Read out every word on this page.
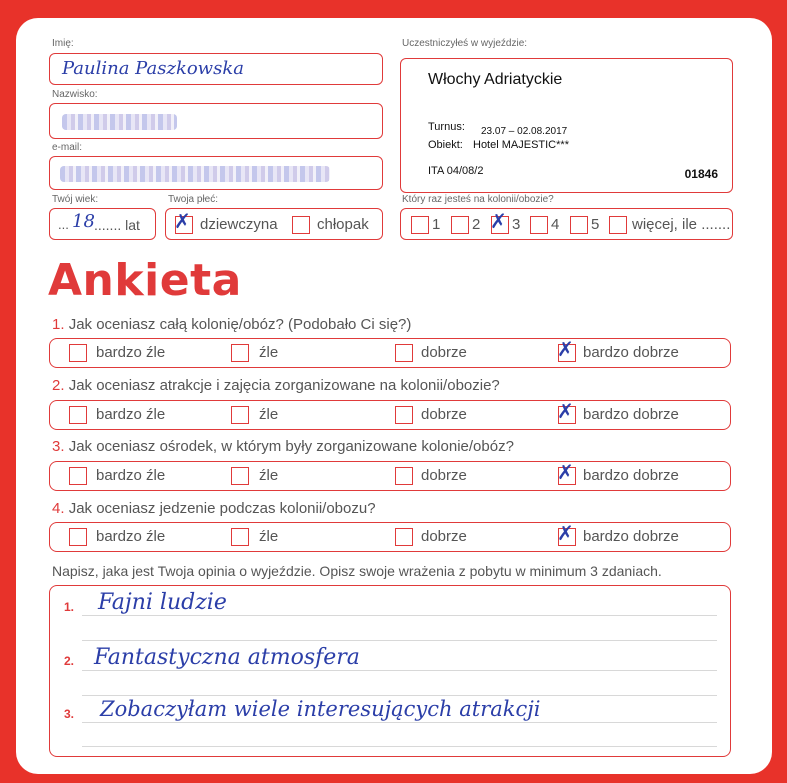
Imię:
Paulina Paszkowska
Nazwisko:
e-mail:
Twój wiek:
... 18 ....... lat
Twoja płeć:
✗ dziewczyna	chłopak
Uczestniczyłeś w wyjeździe:
Włochy Adriatyckie
Turnus: 23.07 – 02.08.2017
Obiekt: Hotel MAJESTIC***
ITA 04/08/2	01846
Który raz jesteś na kolonii/obozie?
1 2 ✗ 3 4 5 więcej, ile .......
Ankieta
1. Jak oceniasz całą kolonię/obóz? (Podobało Ci się?)
bardzo źle	źle	dobrze	✗ bardzo dobrze
2. Jak oceniasz atrakcje i zajęcia zorganizowane na kolonii/obozie?
bardzo źle	źle	dobrze	✗ bardzo dobrze
3. Jak oceniasz ośrodek, w którym były zorganizowane kolonie/obóz?
bardzo źle	źle	dobrze	✗ bardzo dobrze
4. Jak oceniasz jedzenie podczas kolonii/obozu?
bardzo źle	źle	dobrze	✗ bardzo dobrze
Napisz, jaka jest Twoja opinia o wyjeździe. Opisz swoje wrażenia z pobytu w minimum 3 zdaniach.
1. Fajni ludzie
2. Fantastyczna atmosfera
3. Zobaczyłam wiele interesujących atrakcji
